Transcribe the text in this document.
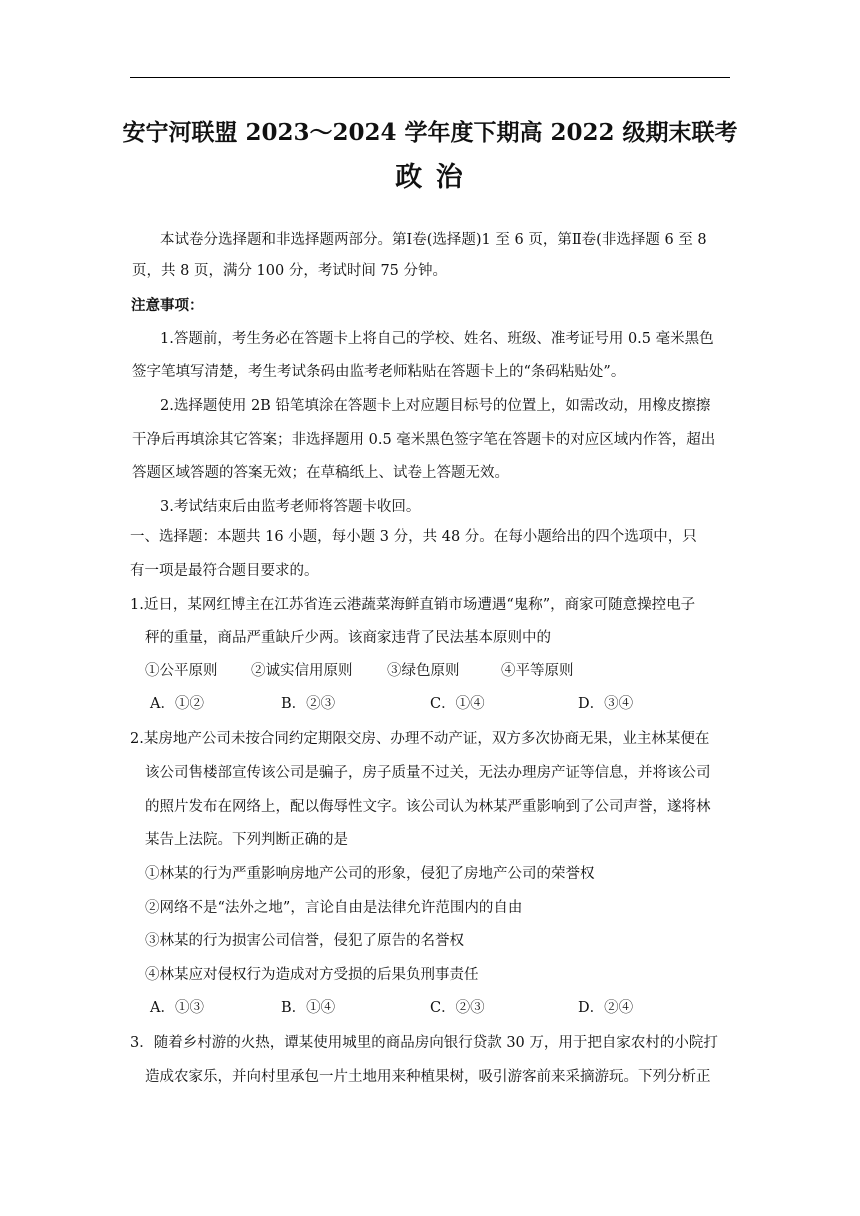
安宁河联盟 2023～2024 学年度下期高 2022 级期末联考
政 治
本试卷分选择题和非选择题两部分。第Ⅰ卷(选择题)1 至 6 页，第Ⅱ卷(非选择题 6 至 8
页，共 8 页，满分 100 分，考试时间 75 分钟。
注意事项：
1.答题前，考生务必在答题卡上将自己的学校、姓名、班级、准考证号用 0.5 毫米黑色
签字笔填写清楚，考生考试条码由监考老师粘贴在答题卡上的“条码粘贴处”。
2.选择题使用 2B 铅笔填涂在答题卡上对应题目标号的位置上，如需改动，用橡皮擦擦
干净后再填涂其它答案；非选择题用 0.5 毫米黑色签字笔在答题卡的对应区域内作答，超出
答题区域答题的答案无效；在草稿纸上、试卷上答题无效。
3.考试结束后由监考老师将答题卡收回。
一、选择题：本题共 16 小题，每小题 3 分，共 48 分。在每小题给出的四个选项中，只
有一项是最符合题目要求的。
1.近日，某网红博主在江苏省连云港蔬菜海鲜直销市场遭遇“鬼称”，商家可随意操控电子
秤的重量，商品严重缺斤少两。该商家违背了民法基本原则中的
①公平原则 ②诚实信用原则 ③绿色原则	④平等原则
A．①②	B．②③	C．①④	D．③④
2.某房地产公司未按合同约定期限交房、办理不动产证，双方多次协商无果，业主林某便在
该公司售楼部宣传该公司是骗子，房子质量不过关，无法办理房产证等信息，并将该公司
的照片发布在网络上，配以侮辱性文字。该公司认为林某严重影响到了公司声誉，遂将林
某告上法院。下列判断正确的是
①林某的行为严重影响房地产公司的形象，侵犯了房地产公司的荣誉权
②网络不是“法外之地”，言论自由是法律允许范围内的自由
③林某的行为损害公司信誉，侵犯了原告的名誉权
④林某应对侵权行为造成对方受损的后果负刑事责任
A．①③	B．①④	C．②③	D．②④
3．随着乡村游的火热，谭某使用城里的商品房向银行贷款 30 万，用于把自家农村的小院打
造成农家乐，并向村里承包一片土地用来种植果树，吸引游客前来采摘游玩。下列分析正
